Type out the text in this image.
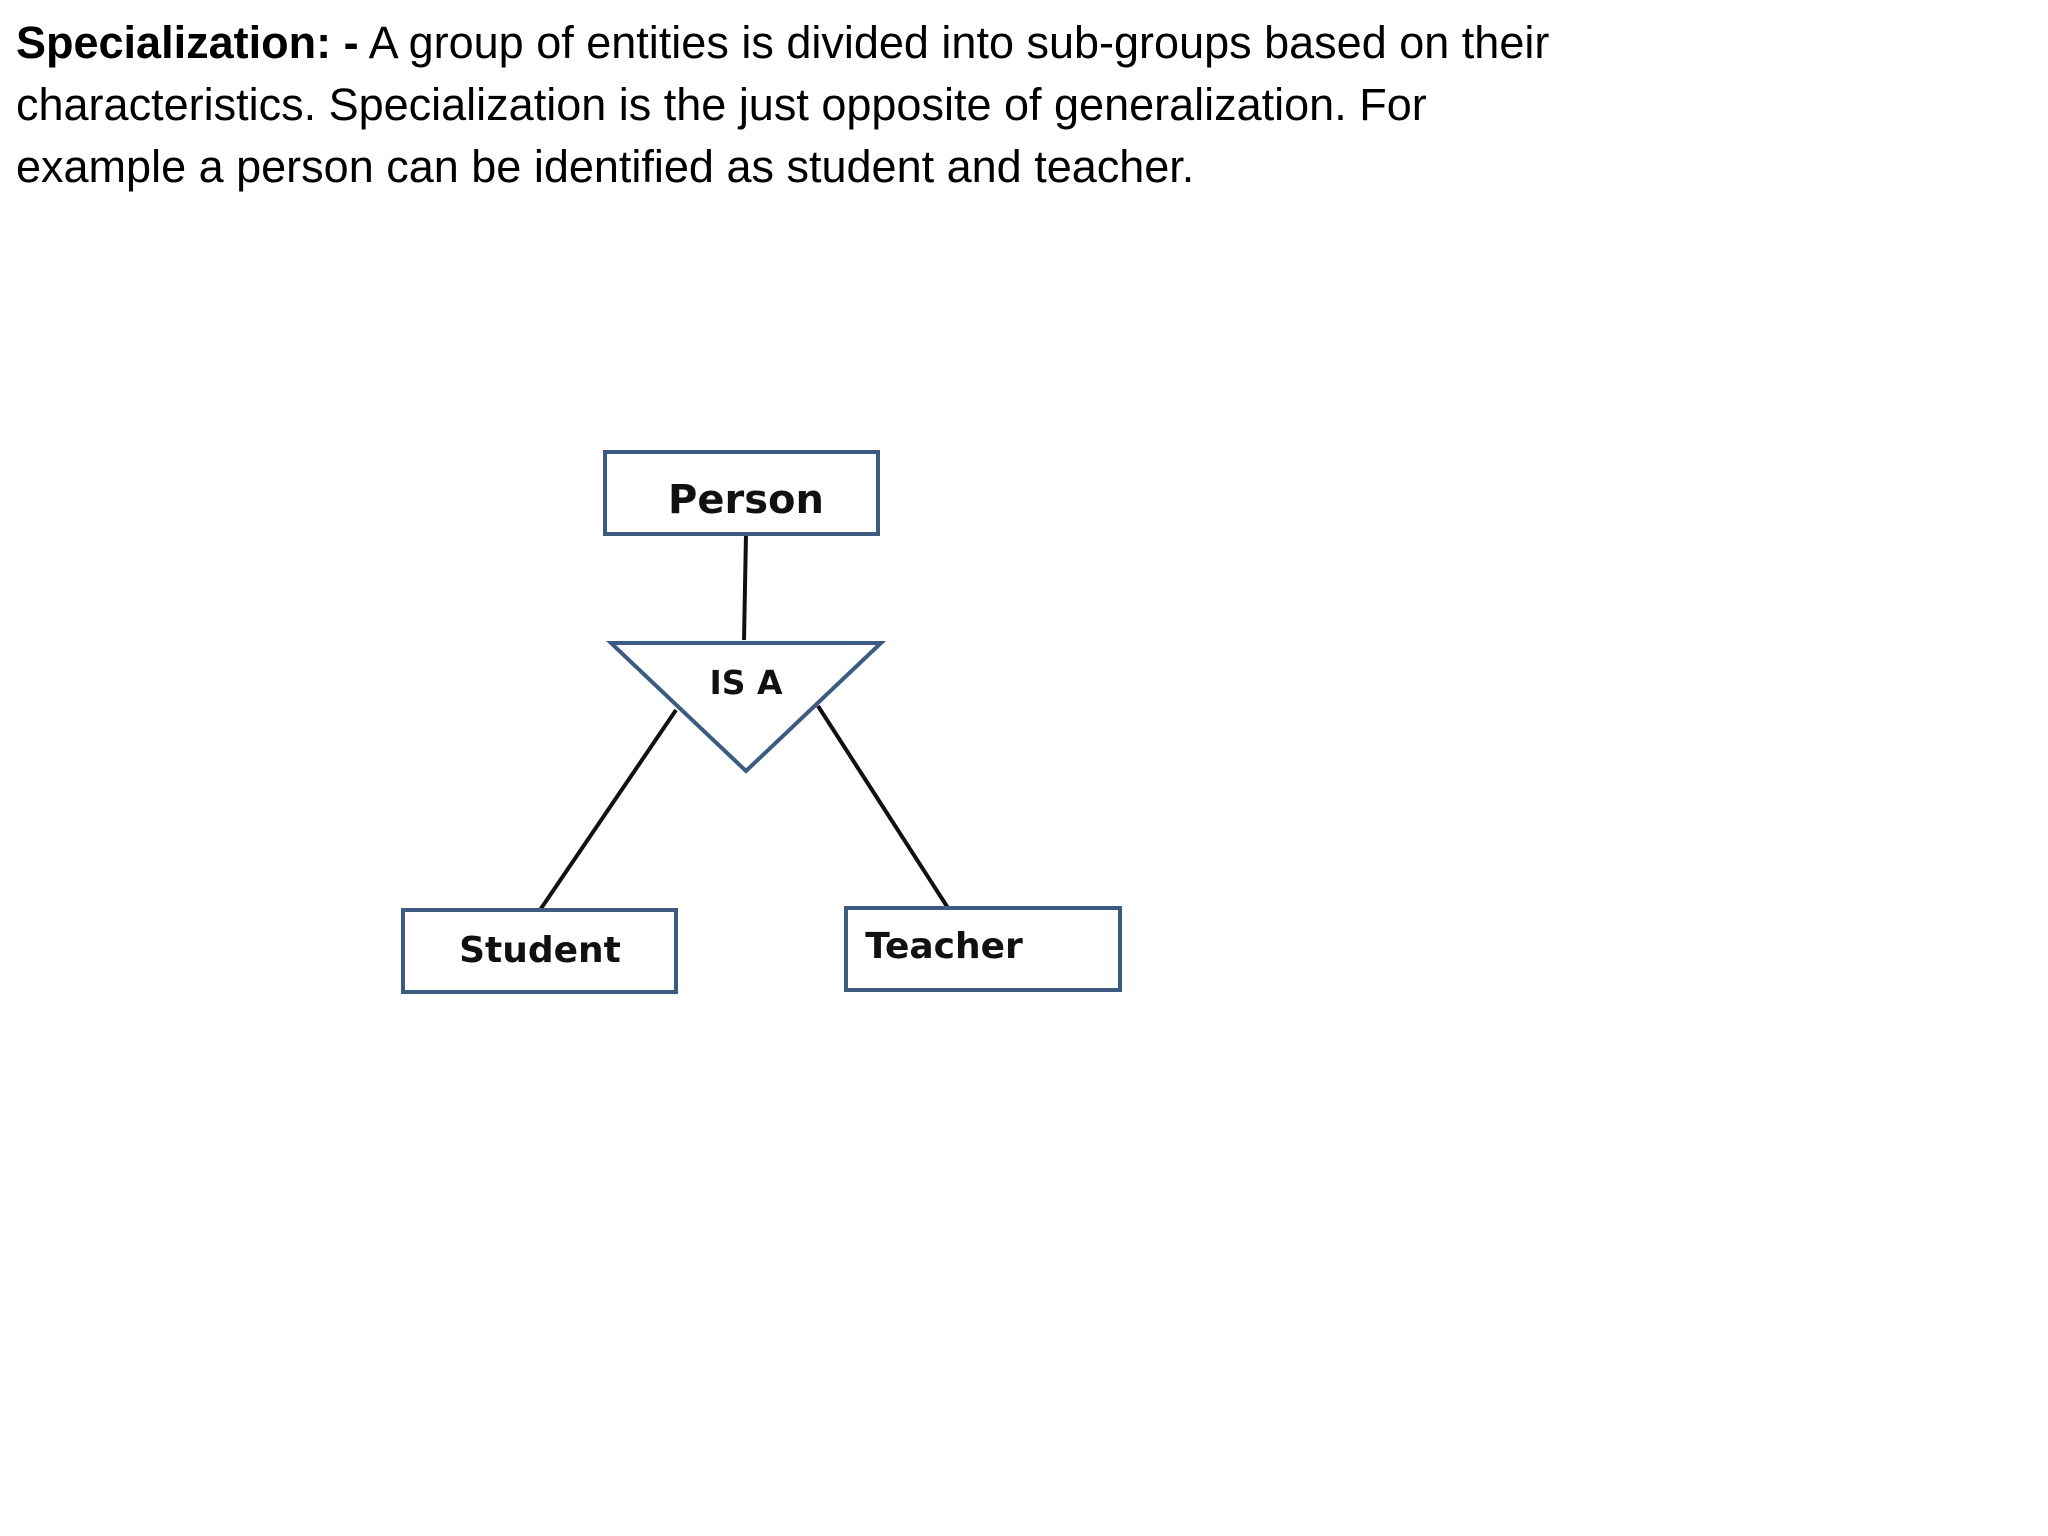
Specialization: - A group of entities is divided into sub-groups based on their characteristics. Specialization is the just opposite of generalization. For example a person can be identified as student and teacher.

Person
IS A
Student	Teacher
